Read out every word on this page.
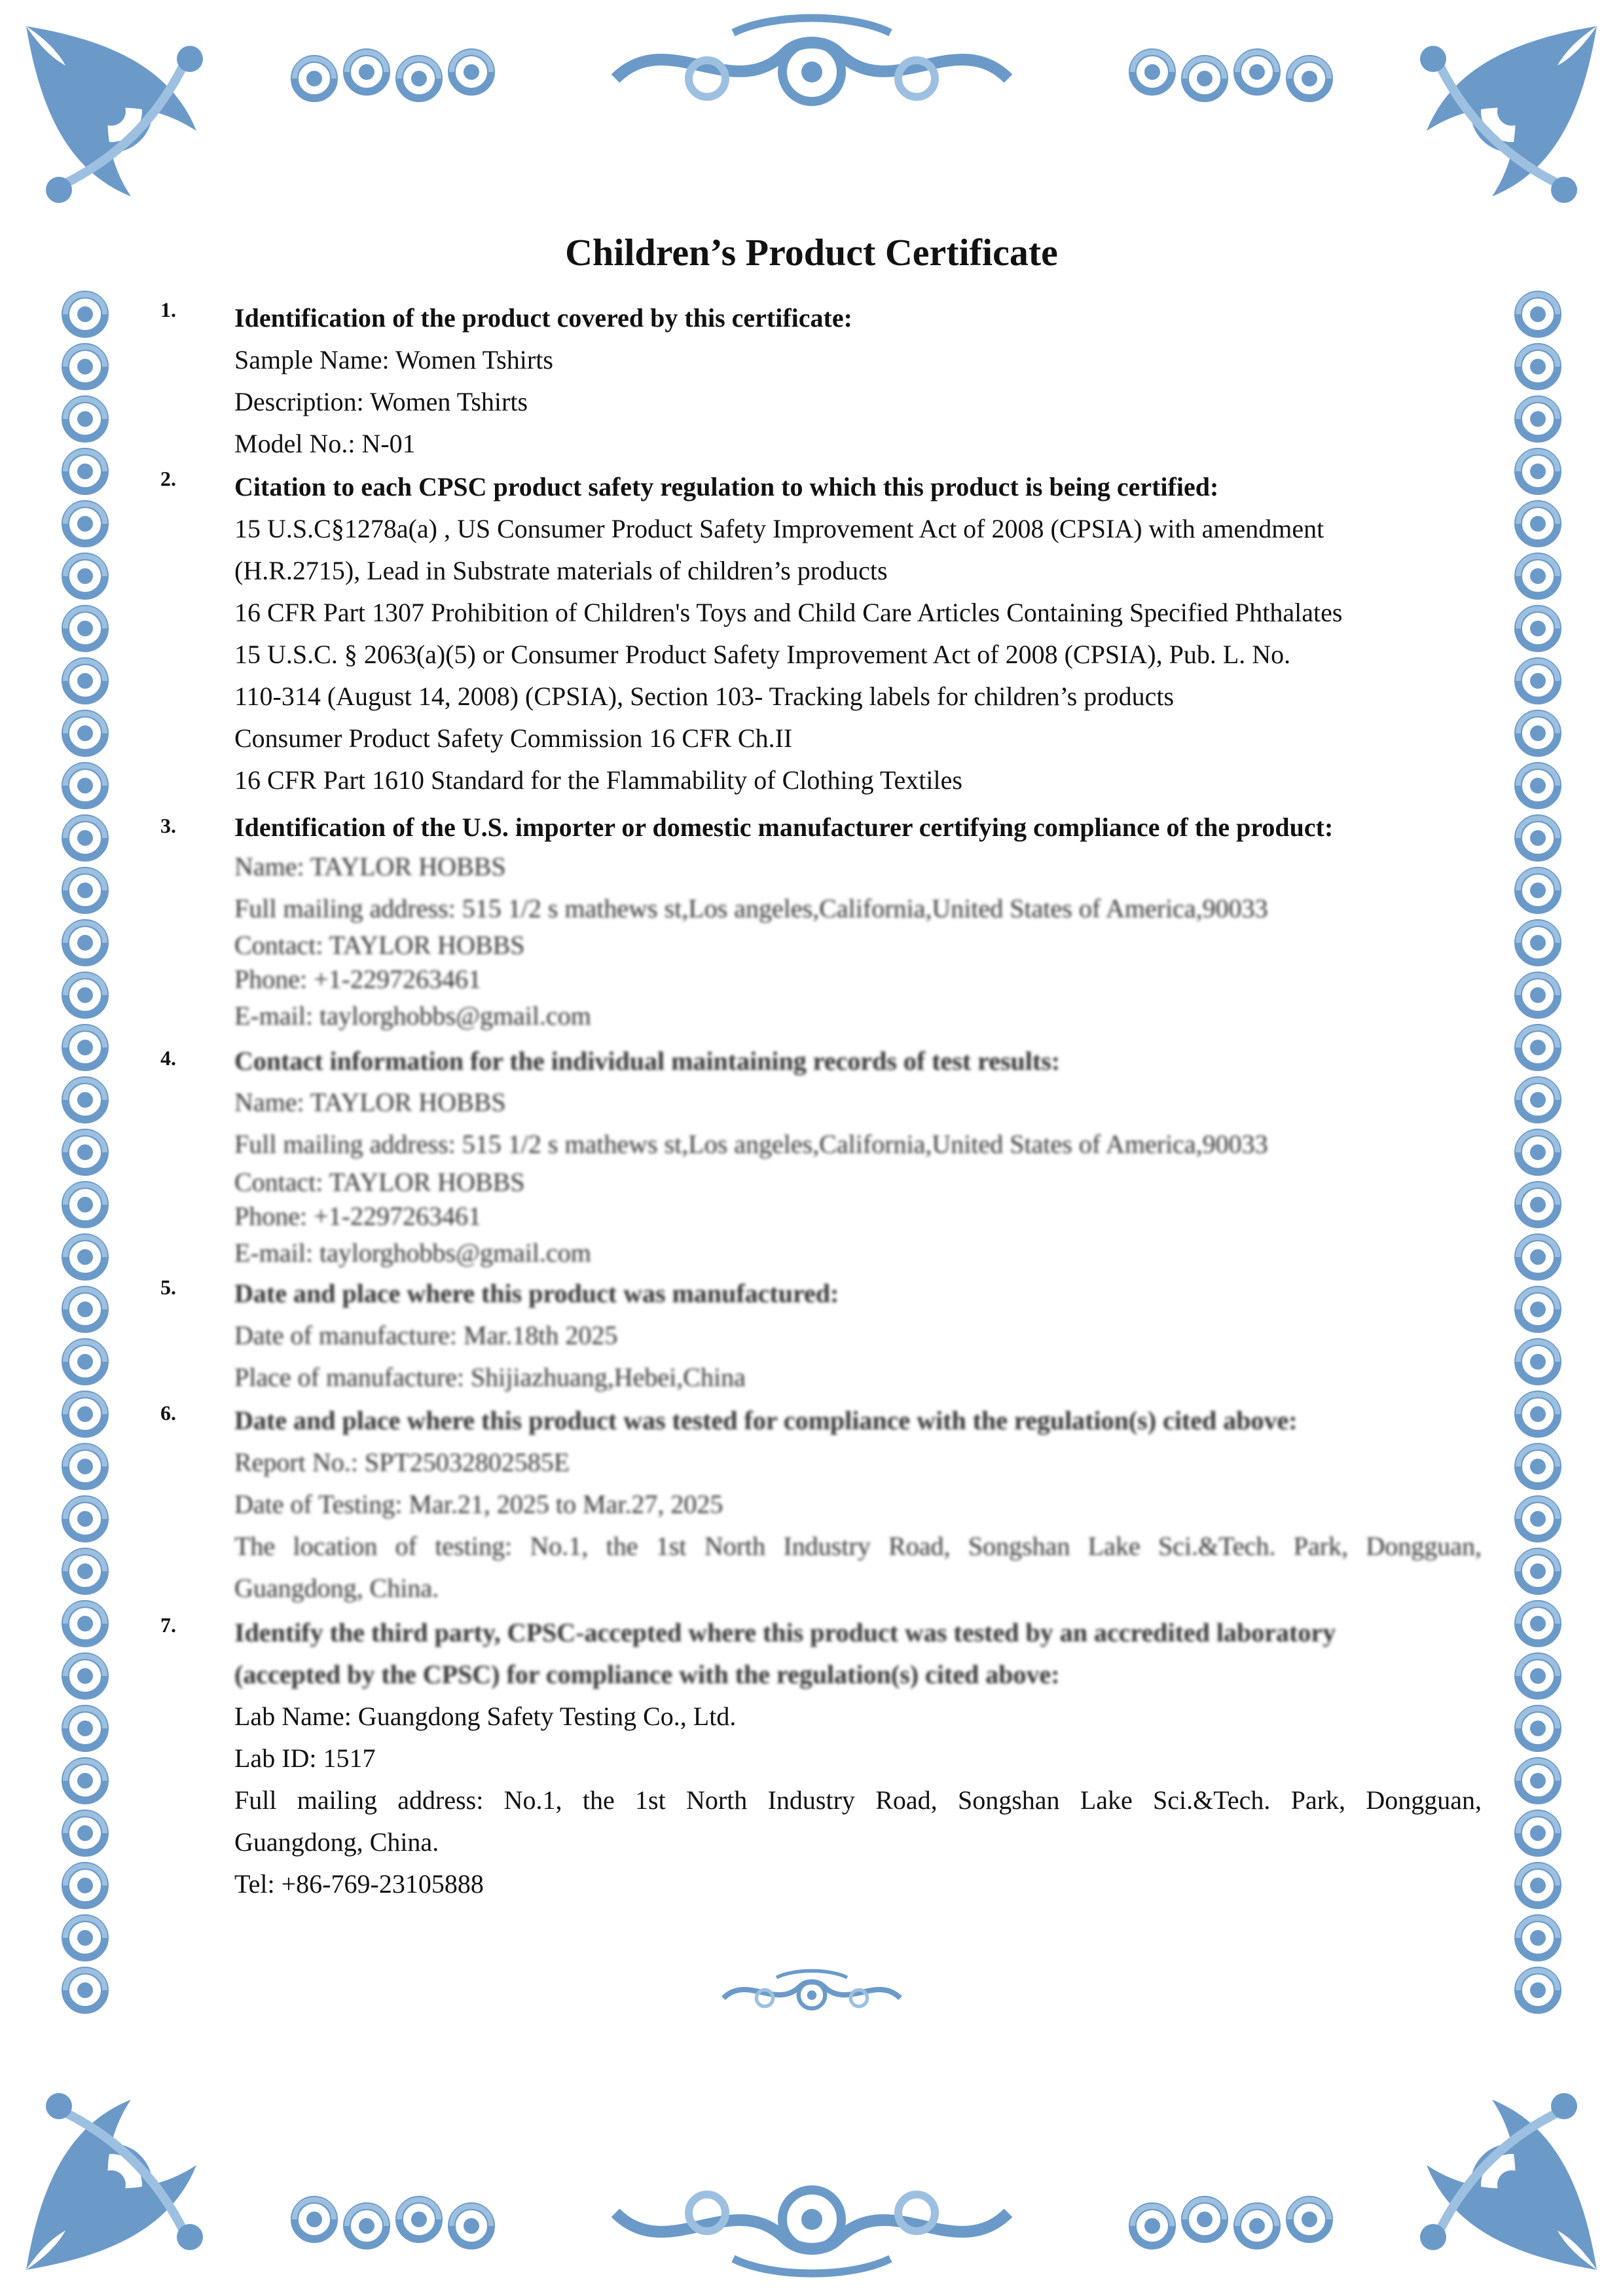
Children’s Product Certificate
1. Identification of the product covered by this certificate:
Sample Name: Women Tshirts
Description: Women Tshirts
Model No.: N-01
2. Citation to each CPSC product safety regulation to which this product is being certified:
15 U.S.C§1278a(a) , US Consumer Product Safety Improvement Act of 2008 (CPSIA) with amendment
(H.R.2715), Lead in Substrate materials of children’s products
16 CFR Part 1307 Prohibition of Children's Toys and Child Care Articles Containing Specified Phthalates
15 U.S.C. § 2063(a)(5) or Consumer Product Safety Improvement Act of 2008 (CPSIA), Pub. L. No.
110-314 (August 14, 2008) (CPSIA), Section 103- Tracking labels for children’s products
Consumer Product Safety Commission 16 CFR Ch.II
16 CFR Part 1610 Standard for the Flammability of Clothing Textiles
3. Identification of the U.S. importer or domestic manufacturer certifying compliance of the product:
Name: TAYLOR HOBBS
Full mailing address: 515 1/2 s mathews st,Los angeles,California,United States of America,90033
Contact: TAYLOR HOBBS
Phone: +1-2297263461
E-mail: taylorghobbs@gmail.com
4. Contact information for the individual maintaining records of test results:
Name: TAYLOR HOBBS
Full mailing address: 515 1/2 s mathews st,Los angeles,California,United States of America,90033
Contact: TAYLOR HOBBS
Phone: +1-2297263461
E-mail: taylorghobbs@gmail.com
5. Date and place where this product was manufactured:
Date of manufacture: Mar.18th 2025
Place of manufacture: Shijiazhuang,Hebei,China
6. Date and place where this product was tested for compliance with the regulation(s) cited above:
Report No.: SPT25032802585E
Date of Testing: Mar.21, 2025 to Mar.27, 2025
The location of testing: No.1, the 1st North Industry Road, Songshan Lake Sci.&Tech. Park, Dongguan,
Guangdong, China.
7. Identify the third party, CPSC-accepted where this product was tested by an accredited laboratory
(accepted by the CPSC) for compliance with the regulation(s) cited above:
Lab Name: Guangdong Safety Testing Co., Ltd.
Lab ID: 1517
Full mailing address: No.1, the 1st North Industry Road, Songshan Lake Sci.&Tech. Park, Dongguan,
Guangdong, China.
Tel: +86-769-23105888
